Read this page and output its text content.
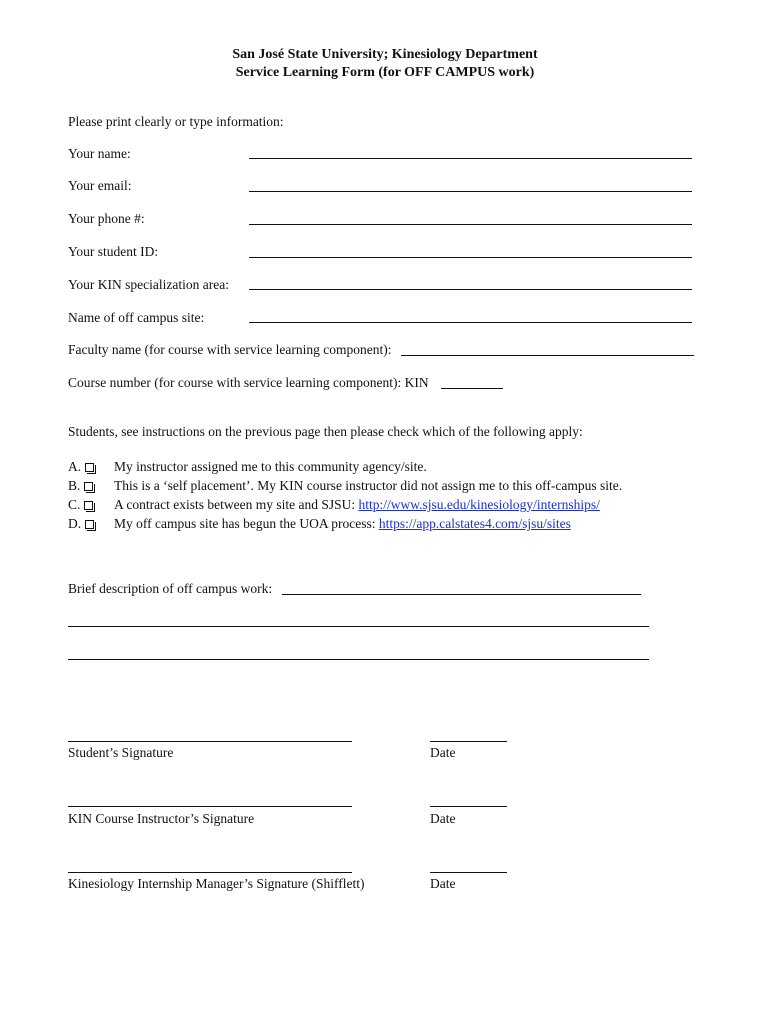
San José State University; Kinesiology Department
Service Learning Form (for OFF CAMPUS work)
Please print clearly or type information:
Your name:
Your email:
Your phone #:
Your student ID:
Your KIN specialization area:
Name of off campus site:
Faculty name (for course with service learning component):
Course number (for course with service learning component): KIN
Students, see instructions on the previous page then please check which of the following apply:
A.	My instructor assigned me to this community agency/site.
B.	This is a ‘self placement’. My KIN course instructor did not assign me to this off-campus site.
C.	A contract exists between my site and SJSU: http://www.sjsu.edu/kinesiology/internships/
D.	My off campus site has begun the UOA process: https://app.calstates4.com/sjsu/sites
Brief description of off campus work:
Student’s Signature	Date
KIN Course Instructor’s Signature	Date
Kinesiology Internship Manager’s Signature (Shifflett)	Date
